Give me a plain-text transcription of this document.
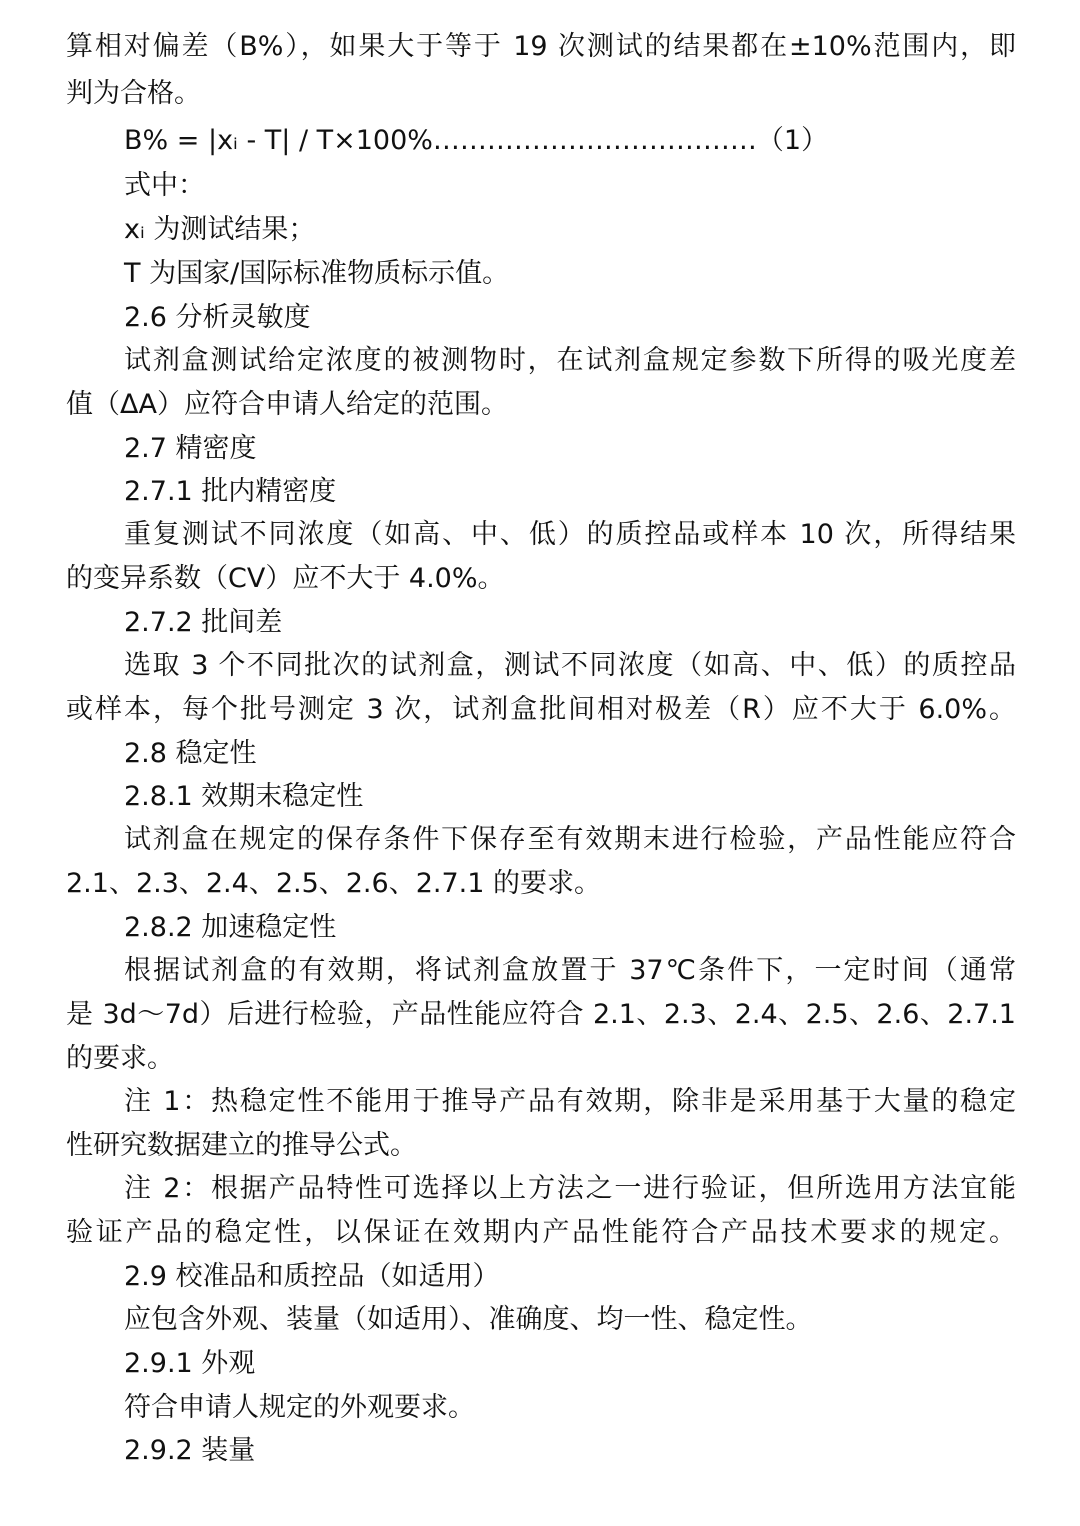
算相对偏差（B%），如果大于等于 19 次测试的结果都在±10%范围内，即
判为合格。
B% = |xᵢ - T| / T×100%………………………………（1）
式中：
xᵢ 为测试结果；
T 为国家/国际标准物质标示值。
2.6 分析灵敏度
试剂盒测试给定浓度的被测物时，在试剂盒规定参数下所得的吸光度差
值（ΔA）应符合申请人给定的范围。
2.7 精密度
2.7.1 批内精密度
重复测试不同浓度（如高、中、低）的质控品或样本 10 次，所得结果
的变异系数（CV）应不大于 4.0%。
2.7.2 批间差
选取 3 个不同批次的试剂盒，测试不同浓度（如高、中、低）的质控品
或样本，每个批号测定 3 次，试剂盒批间相对极差（R）应不大于 6.0%。
2.8 稳定性
2.8.1 效期末稳定性
试剂盒在规定的保存条件下保存至有效期末进行检验，产品性能应符合
2.1、2.3、2.4、2.5、2.6、2.7.1 的要求。
2.8.2 加速稳定性
根据试剂盒的有效期，将试剂盒放置于 37℃条件下，一定时间（通常
是 3d～7d）后进行检验，产品性能应符合 2.1、2.3、2.4、2.5、2.6、2.7.1
的要求。
注 1：热稳定性不能用于推导产品有效期，除非是采用基于大量的稳定
性研究数据建立的推导公式。
注 2：根据产品特性可选择以上方法之一进行验证，但所选用方法宜能
验证产品的稳定性，以保证在效期内产品性能符合产品技术要求的规定。
2.9 校准品和质控品（如适用）
应包含外观、装量（如适用）、准确度、均一性、稳定性。
2.9.1 外观
符合申请人规定的外观要求。
2.9.2 装量
